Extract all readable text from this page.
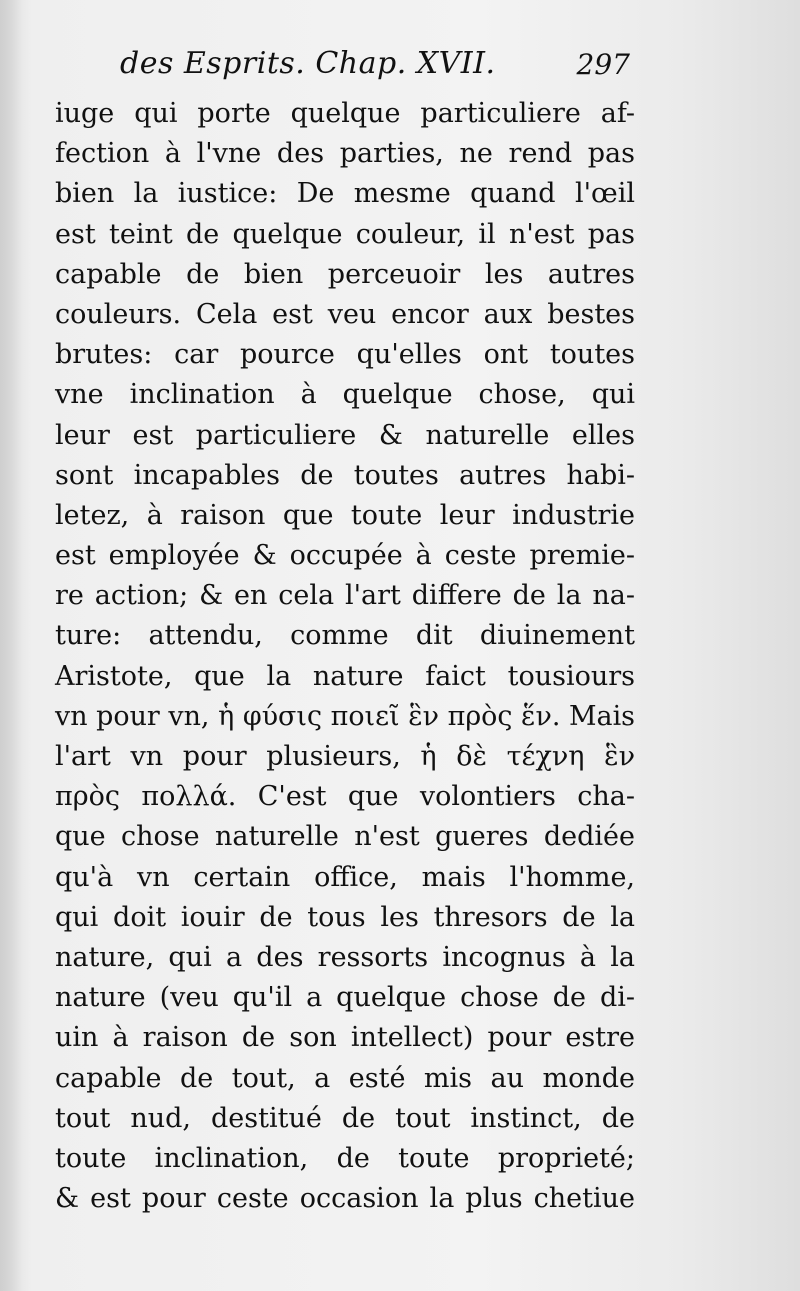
des Esprits. Chap. XVII.	297
iuge qui porte quelque particuliere af-
fection à l'vne des parties, ne rend pas
bien la iustice: De mesme quand l'œil
est teint de quelque couleur, il n'est pas
capable de bien perceuoir les autres
couleurs. Cela est veu encor aux bestes
brutes: car pource qu'elles ont toutes
vne inclination à quelque chose, qui
leur est particuliere & naturelle elles
sont incapables de toutes autres habi-
letez, à raison que toute leur industrie
est employée & occupée à ceste premie-
re action; & en cela l'art differe de la na-
ture: attendu, comme dit diuinement
Aristote, que la nature faict tousiours
vn pour vn, ἡ φύσις ποιεῖ ἓν πρὸς ἕν. Mais
l'art vn pour plusieurs, ἡ δὲ τέχνη ἓν
πρὸς πολλά. C'est que volontiers cha-
que chose naturelle n'est gueres dediée
qu'à vn certain office, mais l'homme,
qui doit iouir de tous les thresors de la
nature, qui a des ressorts incognus à la
nature (veu qu'il a quelque chose de di-
uin à raison de son intellect) pour estre
capable de tout, a esté mis au monde
tout nud, destitué de tout instinct, de
toute inclination, de toute proprieté;
& est pour ceste occasion la plus chetiue
